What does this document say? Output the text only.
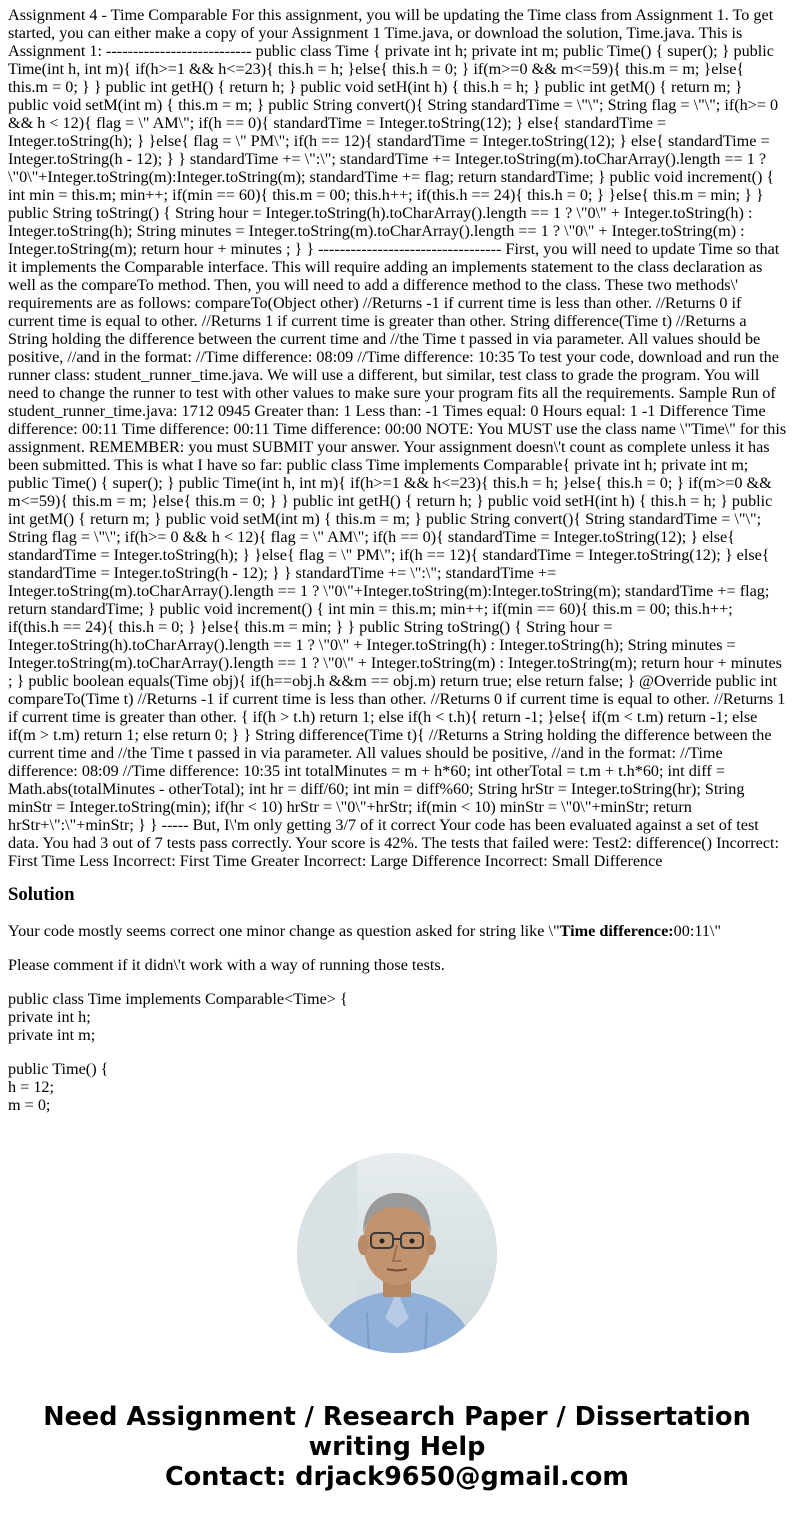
Assignment 4 - Time Comparable For this assignment, you will be updating the Time class from Assignment 1. To get started, you can either make a copy of your Assignment 1 Time.java, or download the solution, Time.java. This is Assignment 1: --------------------------- public class Time { private int h; private int m; public Time() { super(); } public Time(int h, int m){ if(h>=1 && h<=23){ this.h = h; }else{ this.h = 0; } if(m>=0 && m<=59){ this.m = m; }else{ this.m = 0; } } public int getH() { return h; } public void setH(int h) { this.h = h; } public int getM() { return m; } public void setM(int m) { this.m = m; } public String convert(){ String standardTime = \"\"; String flag = \"\"; if(h>= 0 && h < 12){ flag = \" AM\"; if(h == 0){ standardTime = Integer.toString(12); } else{ standardTime = Integer.toString(h); } }else{ flag = \" PM\"; if(h == 12){ standardTime = Integer.toString(12); } else{ standardTime = Integer.toString(h - 12); } } standardTime += \":\"; standardTime += Integer.toString(m).toCharArray().length == 1 ? \"0\"+Integer.toString(m):Integer.toString(m); standardTime += flag; return standardTime; } public void increment() { int min = this.m; min++; if(min == 60){ this.m = 00; this.h++; if(this.h == 24){ this.h = 0; } }else{ this.m = min; } } public String toString() { String hour = Integer.toString(h).toCharArray().length == 1 ? \"0\" + Integer.toString(h) : Integer.toString(h); String minutes = Integer.toString(m).toCharArray().length == 1 ? \"0\" + Integer.toString(m) : Integer.toString(m); return hour + minutes ; } } ---------------------------------- First, you will need to update Time so that it implements the Comparable interface. This will require adding an implements statement to the class declaration as well as the compareTo method. Then, you will need to add a difference method to the class. These two methods\' requirements are as follows: compareTo(Object other) //Returns -1 if current time is less than other. //Returns 0 if current time is equal to other. //Returns 1 if current time is greater than other. String difference(Time t) //Returns a String holding the difference between the current time and //the Time t passed in via parameter. All values should be positive, //and in the format: //Time difference: 08:09 //Time difference: 10:35 To test your code, download and run the runner class: student_runner_time.java. We will use a different, but similar, test class to grade the program. You will need to change the runner to test with other values to make sure your program fits all the requirements. Sample Run of student_runner_time.java: 1712 0945 Greater than: 1 Less than: -1 Times equal: 0 Hours equal: 1 -1 Difference Time difference: 00:11 Time difference: 00:11 Time difference: 00:00 NOTE: You MUST use the class name \"Time\" for this assignment. REMEMBER: you must SUBMIT your answer. Your assignment doesn\'t count as complete unless it has been submitted. This is what I have so far: public class Time implements Comparable{ private int h; private int m; public Time() { super(); } public Time(int h, int m){ if(h>=1 && h<=23){ this.h = h; }else{ this.h = 0; } if(m>=0 && m<=59){ this.m = m; }else{ this.m = 0; } } public int getH() { return h; } public void setH(int h) { this.h = h; } public int getM() { return m; } public void setM(int m) { this.m = m; } public String convert(){ String standardTime = \"\"; String flag = \"\"; if(h>= 0 && h < 12){ flag = \" AM\"; if(h == 0){ standardTime = Integer.toString(12); } else{ standardTime = Integer.toString(h); } }else{ flag = \" PM\"; if(h == 12){ standardTime = Integer.toString(12); } else{ standardTime = Integer.toString(h - 12); } } standardTime += \":\"; standardTime += Integer.toString(m).toCharArray().length == 1 ? \"0\"+Integer.toString(m):Integer.toString(m); standardTime += flag; return standardTime; } public void increment() { int min = this.m; min++; if(min == 60){ this.m = 00; this.h++; if(this.h == 24){ this.h = 0; } }else{ this.m = min; } } public String toString() { String hour = Integer.toString(h).toCharArray().length == 1 ? \"0\" + Integer.toString(h) : Integer.toString(h); String minutes = Integer.toString(m).toCharArray().length == 1 ? \"0\" + Integer.toString(m) : Integer.toString(m); return hour + minutes ; } public boolean equals(Time obj){ if(h==obj.h &&m == obj.m) return true; else return false; } @Override public int compareTo(Time t) //Returns -1 if current time is less than other. //Returns 0 if current time is equal to other. //Returns 1 if current time is greater than other. { if(h > t.h) return 1; else if(h < t.h){ return -1; }else{ if(m < t.m) return -1; else if(m > t.m) return 1; else return 0; } } String difference(Time t){ //Returns a String holding the difference between the current time and //the Time t passed in via parameter. All values should be positive, //and in the format: //Time difference: 08:09 //Time difference: 10:35 int totalMinutes = m + h*60; int otherTotal = t.m + t.h*60; int diff = Math.abs(totalMinutes - otherTotal); int hr = diff/60; int min = diff%60; String hrStr = Integer.toString(hr); String minStr = Integer.toString(min); if(hr < 10) hrStr = \"0\"+hrStr; if(min < 10) minStr = \"0\"+minStr; return hrStr+\":\"+minStr; } } ----- But, I\'m only getting 3/7 of it correct Your code has been evaluated against a set of test data. You had 3 out of 7 tests pass correctly. Your score is 42%. The tests that failed were: Test2: difference() Incorrect: First Time Less Incorrect: First Time Greater Incorrect: Large Difference Incorrect: Small Difference

Solution

Your code mostly seems correct one minor change as question asked for string like \"Time difference:00:11\"

Please comment if it didn\'t work with a way of running those tests.

public class Time implements Comparable<Time> {
private int h;
private int m;
public Time() {
h = 12;
m = 0;
Need Assignment / Research Paper / Dissertation
writing Help
Contact: drjack9650@gmail.com
